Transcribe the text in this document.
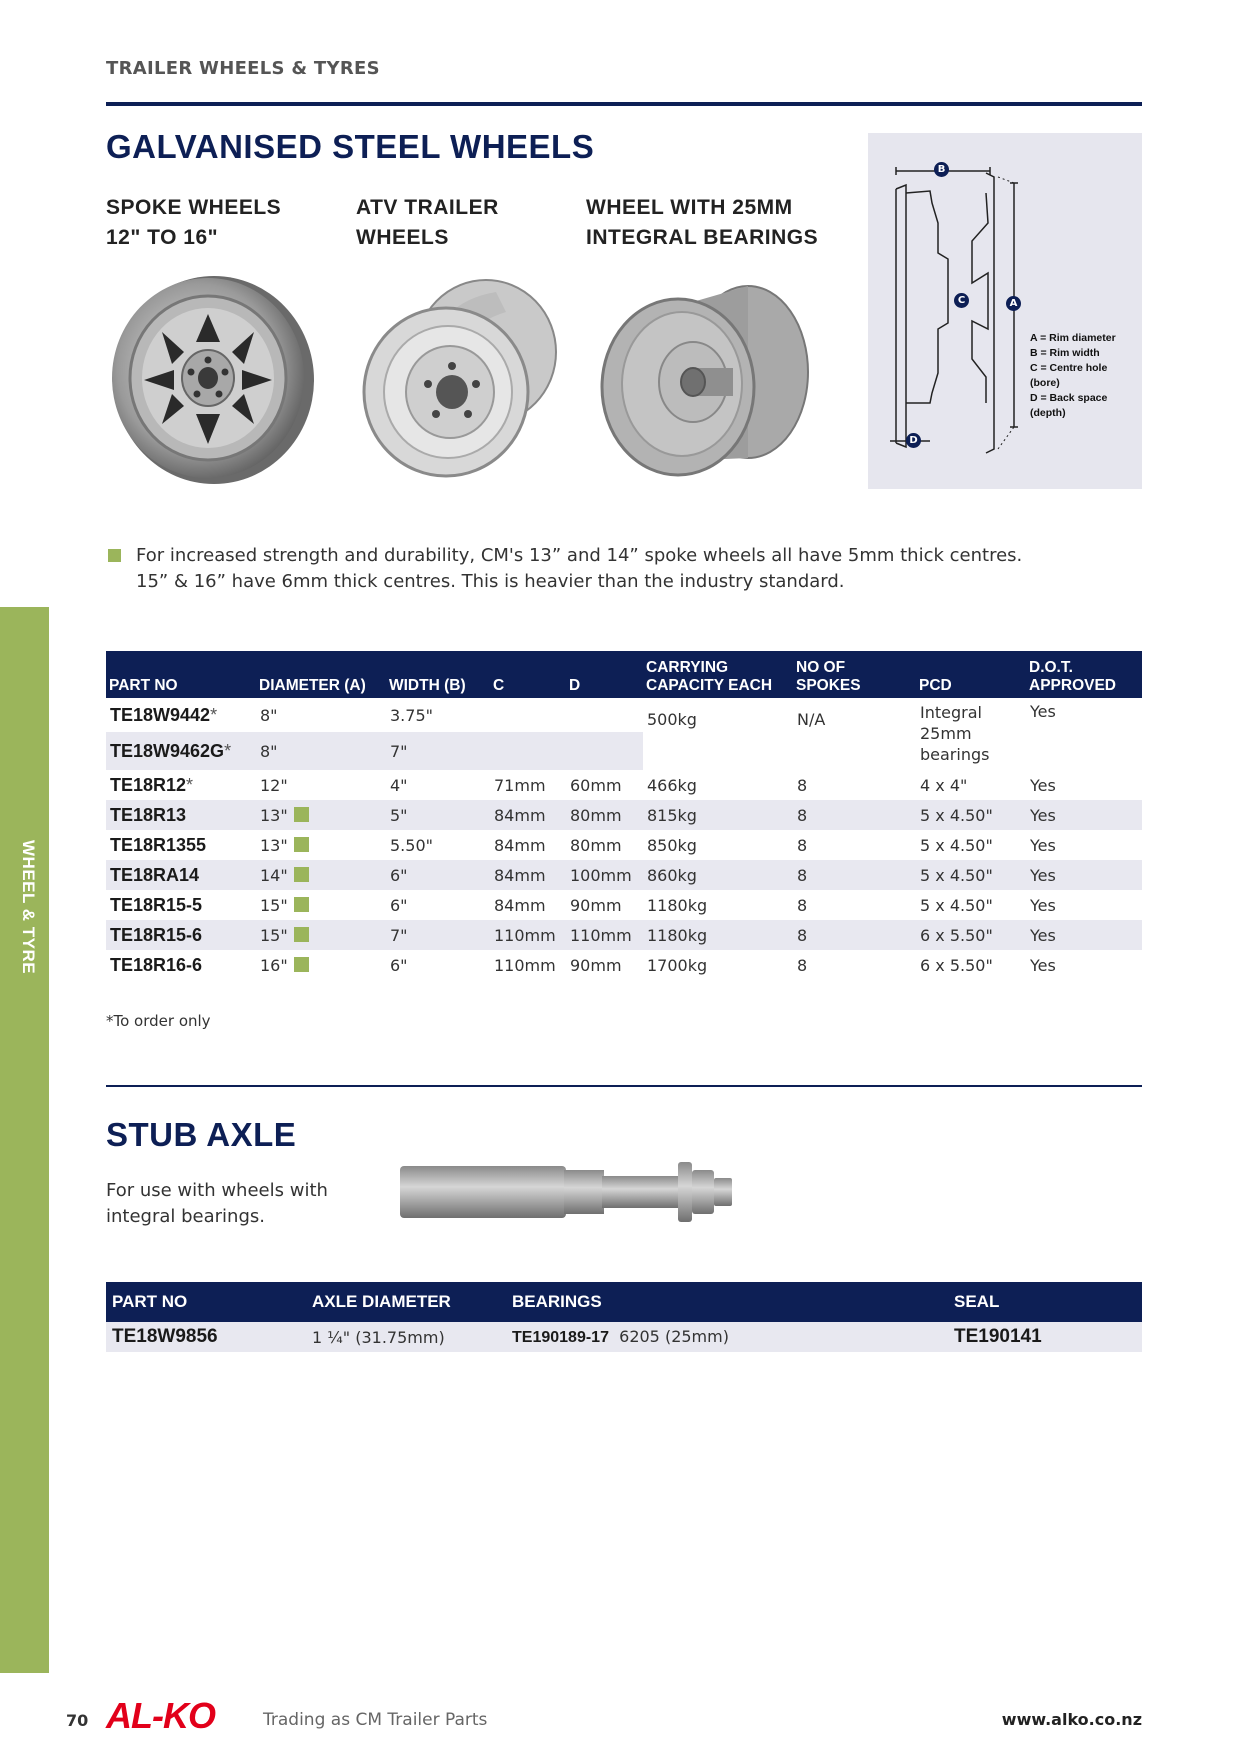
TRAILER WHEELS & TYRES
GALVANISED STEEL WHEELS
SPOKE WHEELS
12" TO 16"
ATV TRAILER
WHEELS
WHEEL WITH 25MM
INTEGRAL BEARINGS
B
A
C
D
A = Rim diameter
B = Rim width
C = Centre hole
(bore)
D = Back space
(depth)
For increased strength and durability, CM's 13” and 14” spoke wheels all have 5mm thick centres.
15” & 16” have 6mm thick centres. This is heavier than the industry standard.
PART NO	DIAMETER (A)	WIDTH (B)	C	D	CARRYING CAPACITY EACH	NO OF SPOKES	PCD	D.O.T. APPROVED
TE18W9442*	8"	3.75"			500kg	N/A	Integral 25mm bearings	Yes
TE18W9462G*	8"	7"						
TE18R12*	12"	4"	71mm	60mm	466kg	8	4 x 4"	Yes
TE18R13	13"	5"	84mm	80mm	815kg	8	5 x 4.50"	Yes
TE18R1355	13"	5.50"	84mm	80mm	850kg	8	5 x 4.50"	Yes
TE18RA14	14"	6"	84mm	100mm	860kg	8	5 x 4.50"	Yes
TE18R15-5	15"	6"	84mm	90mm	1180kg	8	5 x 4.50"	Yes
TE18R15-6	15"	7"	110mm	110mm	1180kg	8	6 x 5.50"	Yes
TE18R16-6	16"	6"	110mm	90mm	1700kg	8	6 x 5.50"	Yes
*To order only
STUB AXLE
For use with wheels with integral bearings.
PART NO	AXLE DIAMETER	BEARINGS	SEAL
TE18W9856	1 ¼" (31.75mm)	TE190189-17 6205 (25mm)	TE190141
WHEEL & TYRE
70 AL-KO	Trading as CM Trailer Parts	www.alko.co.nz
